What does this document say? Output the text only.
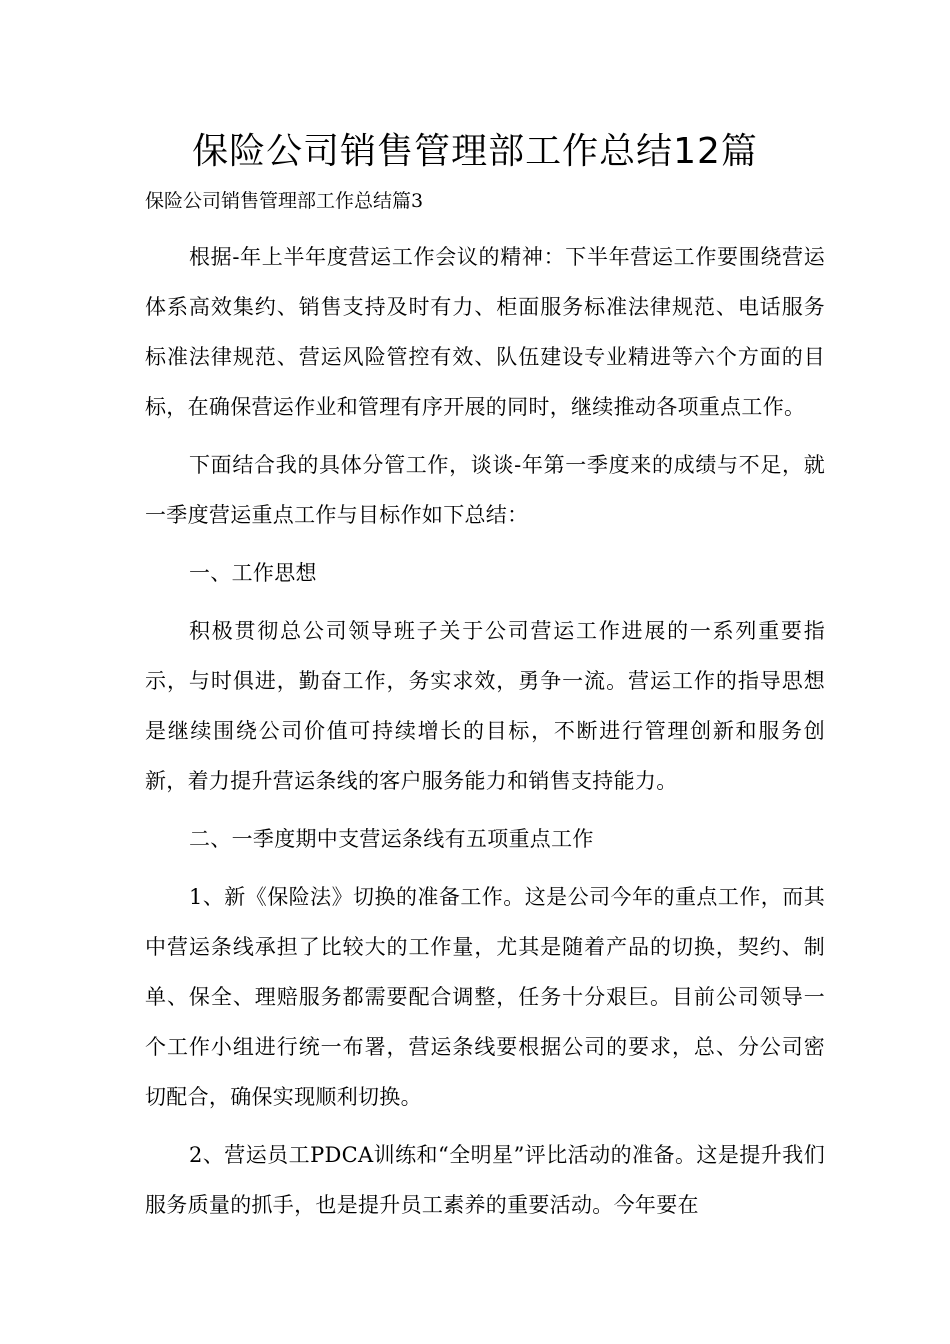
保险公司销售管理部工作总结12篇

保险公司销售管理部工作总结篇3

根据-年上半年度营运工作会议的精神：下半年营运工作要围绕营运体系高效集约、销售支持及时有力、柜面服务标准法律规范、电话服务标准法律规范、营运风险管控有效、队伍建设专业精进等六个方面的目标，在确保营运作业和管理有序开展的同时，继续推动各项重点工作。

下面结合我的具体分管工作，谈谈-年第一季度来的成绩与不足，就一季度营运重点工作与目标作如下总结：

一、工作思想

积极贯彻总公司领导班子关于公司营运工作进展的一系列重要指示，与时俱进，勤奋工作，务实求效，勇争一流。营运工作的指导思想是继续围绕公司价值可持续增长的目标，不断进行管理创新和服务创新，着力提升营运条线的客户服务能力和销售支持能力。

二、一季度期中支营运条线有五项重点工作

1、新《保险法》切换的准备工作。这是公司今年的重点工作，而其中营运条线承担了比较大的工作量，尤其是随着产品的切换，契约、制单、保全、理赔服务都需要配合调整，任务十分艰巨。目前公司领导一个工作小组进行统一布署，营运条线要根据公司的要求，总、分公司密切配合，确保实现顺利切换。

2、营运员工PDCA训练和“全明星”评比活动的准备。这是提升我们服务质量的抓手，也是提升员工素养的重要活动。今年要在
